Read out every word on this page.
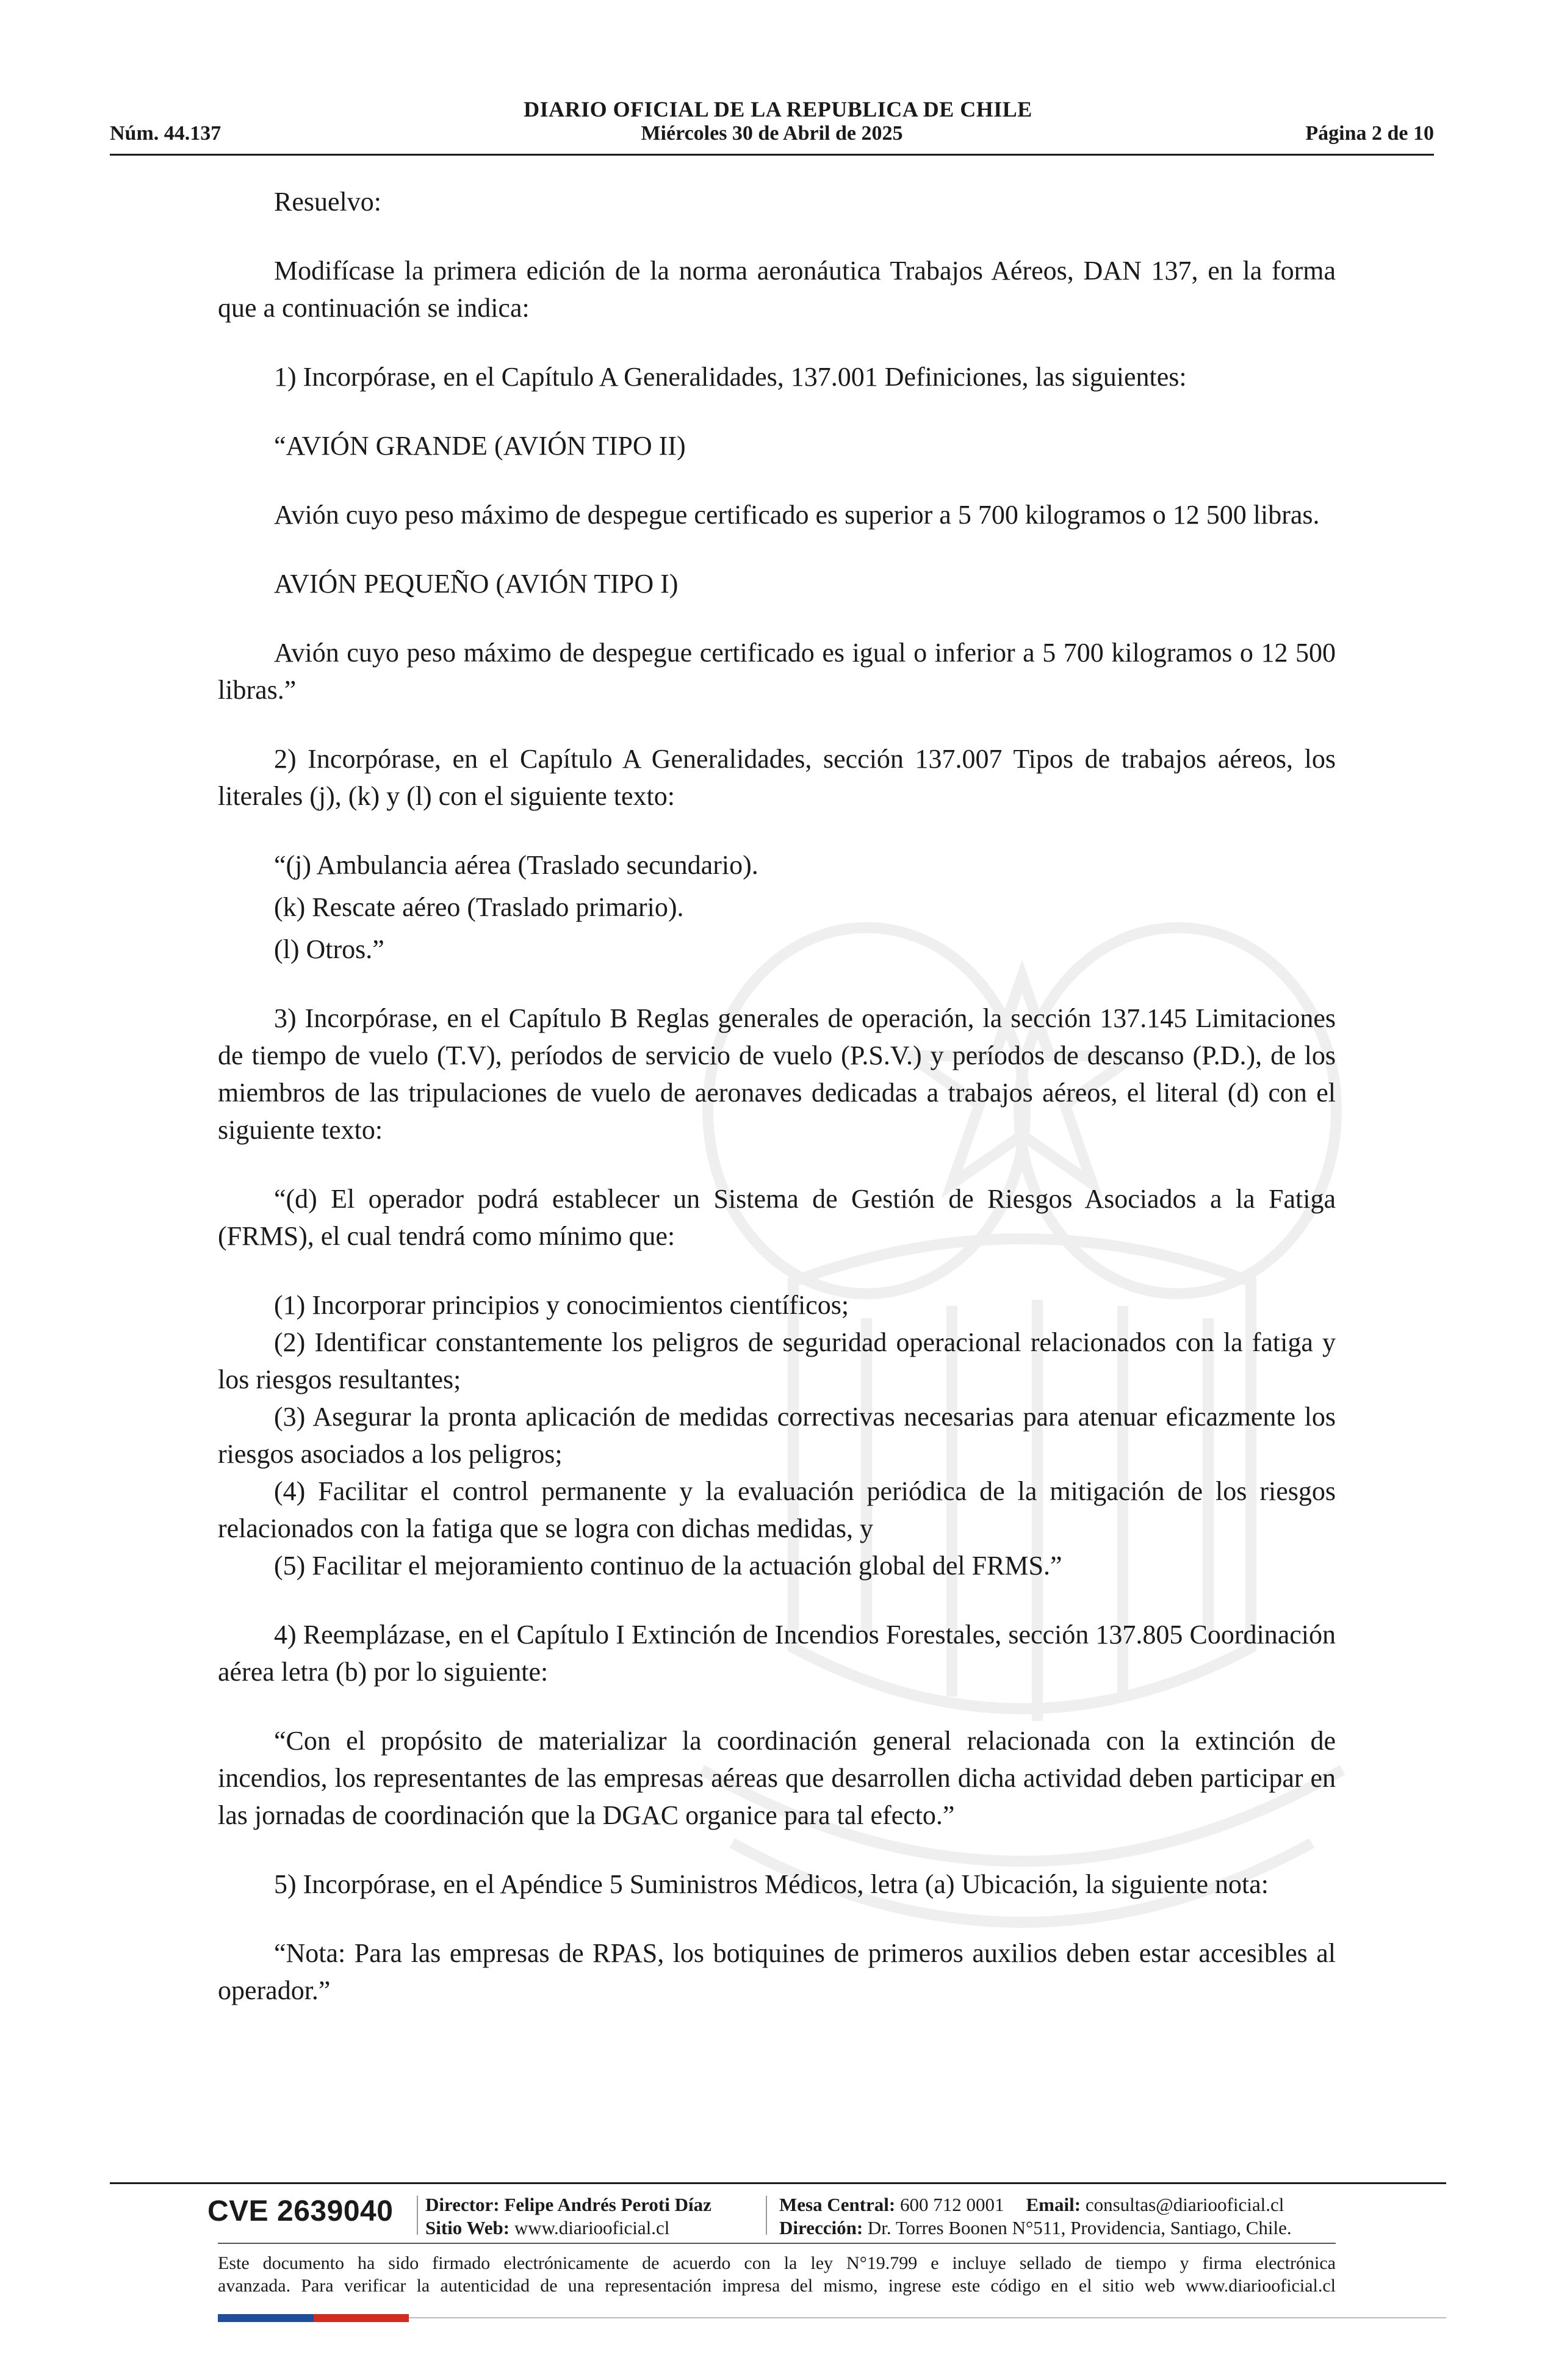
DIARIO OFICIAL DE LA REPUBLICA DE CHILE
Núm. 44.137	Miércoles 30 de Abril de 2025	Página 2 de 10

Resuelvo:

Modifícase la primera edición de la norma aeronáutica Trabajos Aéreos, DAN 137, en la forma que a continuación se indica:

1) Incorpórase, en el Capítulo A Generalidades, 137.001 Definiciones, las siguientes:

“AVIÓN GRANDE (AVIÓN TIPO II)

Avión cuyo peso máximo de despegue certificado es superior a 5 700 kilogramos o 12 500 libras.

AVIÓN PEQUEÑO (AVIÓN TIPO I)

Avión cuyo peso máximo de despegue certificado es igual o inferior a 5 700 kilogramos o 12 500 libras.”

2) Incorpórase, en el Capítulo A Generalidades, sección 137.007 Tipos de trabajos aéreos, los literales (j), (k) y (l) con el siguiente texto:

“(j) Ambulancia aérea (Traslado secundario).

(k) Rescate aéreo (Traslado primario).

(l) Otros.”

3) Incorpórase, en el Capítulo B Reglas generales de operación, la sección 137.145 Limitaciones de tiempo de vuelo (T.V), períodos de servicio de vuelo (P.S.V.) y períodos de descanso (P.D.), de los miembros de las tripulaciones de vuelo de aeronaves dedicadas a trabajos aéreos, el literal (d) con el siguiente texto:

“(d) El operador podrá establecer un Sistema de Gestión de Riesgos Asociados a la Fatiga (FRMS), el cual tendrá como mínimo que:

(1) Incorporar principios y conocimientos científicos;

(2) Identificar constantemente los peligros de seguridad operacional relacionados con la fatiga y los riesgos resultantes;

(3) Asegurar la pronta aplicación de medidas correctivas necesarias para atenuar eficazmente los riesgos asociados a los peligros;

(4) Facilitar el control permanente y la evaluación periódica de la mitigación de los riesgos relacionados con la fatiga que se logra con dichas medidas, y

(5) Facilitar el mejoramiento continuo de la actuación global del FRMS.”

4) Reemplázase, en el Capítulo I Extinción de Incendios Forestales, sección 137.805 Coordinación aérea letra (b) por lo siguiente:

“Con el propósito de materializar la coordinación general relacionada con la extinción de incendios, los representantes de las empresas aéreas que desarrollen dicha actividad deben participar en las jornadas de coordinación que la DGAC organice para tal efecto.”

5) Incorpórase, en el Apéndice 5 Suministros Médicos, letra (a) Ubicación, la siguiente nota:

“Nota: Para las empresas de RPAS, los botiquines de primeros auxilios deben estar accesibles al operador.”

CVE 2639040 Director: Felipe Andrés Peroti Díaz
Sitio Web: www.diariooficial.cl
Mesa Central: 600 712 0001 Email: consultas@diariooficial.cl
Dirección: Dr. Torres Boonen N°511, Providencia, Santiago, Chile.
Este documento ha sido firmado electrónicamente de acuerdo con la ley N°19.799 e incluye sellado de tiempo y firma electrónica
avanzada. Para verificar la autenticidad de una representación impresa del mismo, ingrese este código en el sitio web www.diariooficial.cl
